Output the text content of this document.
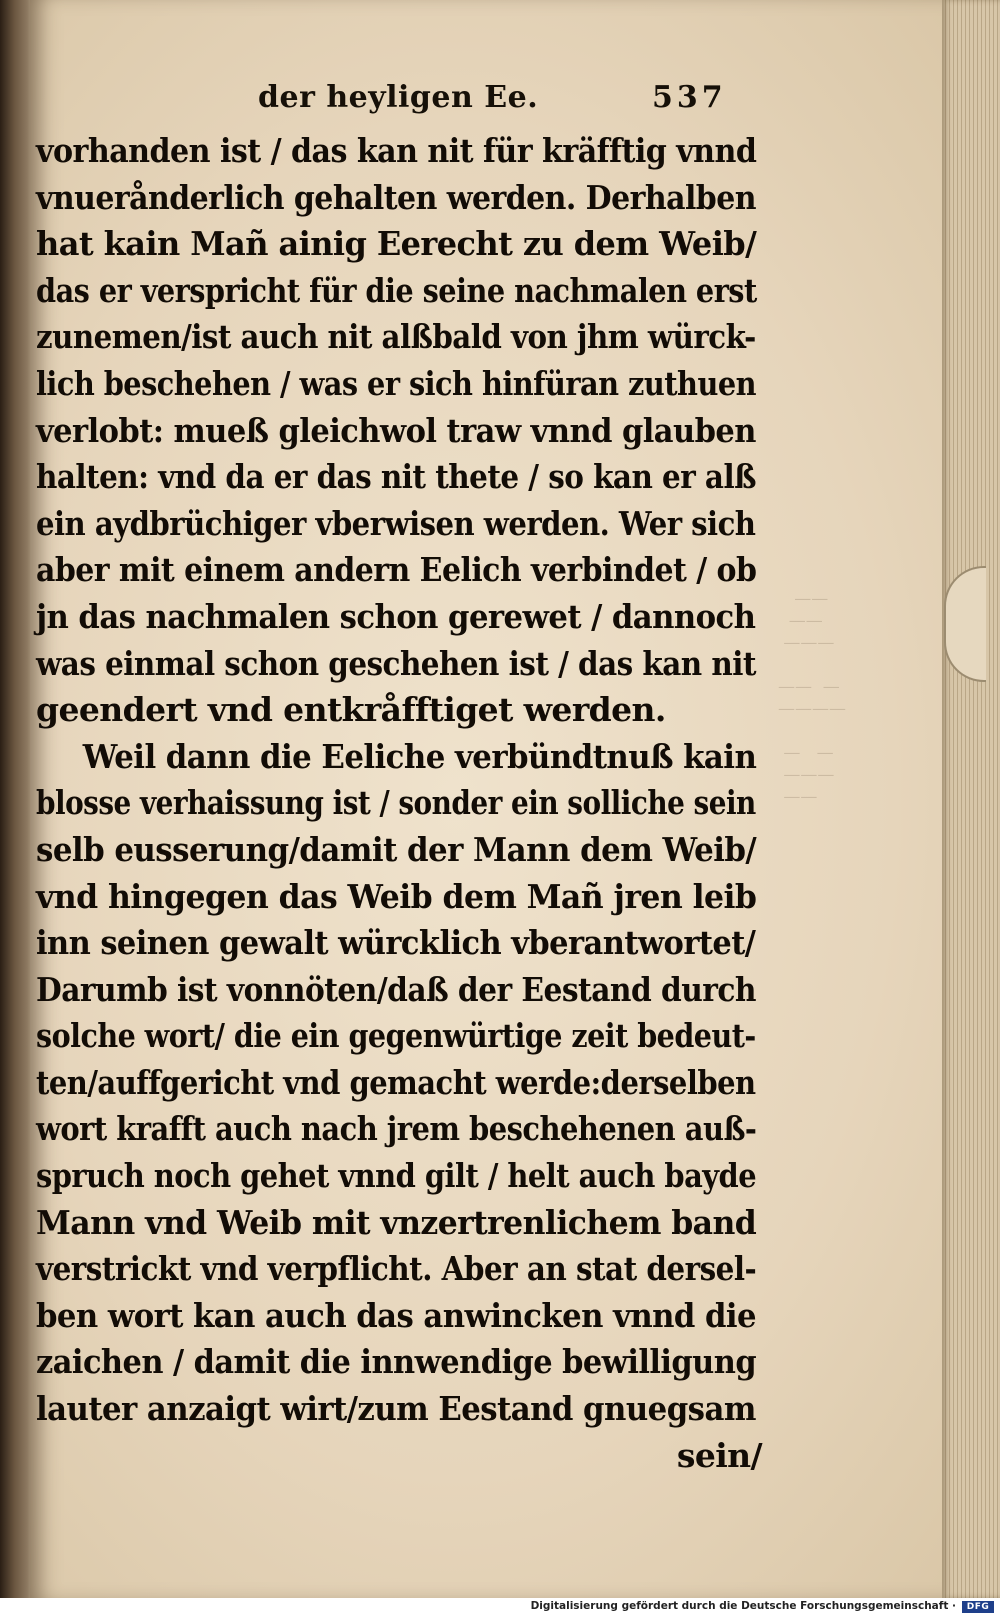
——
——
———

——  —
————

—   —
———
——
der heyligen Ee.	537
vorhanden ist / das kan nit für kräfftig vnnd
vnuerånderlich gehalten werden. Derhalben
hat kain Mañ ainig Eerecht zu dem Weib/
das er verspricht für die seine nachmalen erst
zunemen/ist auch nit alßbald von jhm würck-
lich beschehen / was er sich hinfüran zuthuen
verlobt: mueß gleichwol traw vnnd glauben
halten: vnd da er das nit thete / so kan er alß
ein aydbrüchiger vberwisen werden. Wer sich
aber mit einem andern Eelich verbindet / ob
jn das nachmalen schon gerewet / dannoch
was einmal schon geschehen ist / das kan nit
geendert vnd entkråfftiget werden.
Weil dann die Eeliche verbündtnuß kain
blosse verhaissung ist / sonder ein solliche sein
selb eusserung/damit der Mann dem Weib/
vnd hingegen das Weib dem Mañ jren leib
inn seinen gewalt würcklich vberantwortet/
Darumb ist vonnöten/daß der Eestand durch
solche wort/ die ein gegenwürtige zeit bedeut-
ten/auffgericht vnd gemacht werde:derselben
wort krafft auch nach jrem beschehenen auß-
spruch noch gehet vnnd gilt / helt auch bayde
Mann vnd Weib mit vnzertrenlichem band
verstrickt vnd verpflicht. Aber an stat dersel-
ben wort kan auch das anwincken vnnd die
zaichen / damit die innwendige bewilligung
lauter anzaigt wirt/zum Eestand gnuegsam
sein/
Digitalisierung gefördert durch die Deutsche Forschungsgemeinschaft ·	DFG
